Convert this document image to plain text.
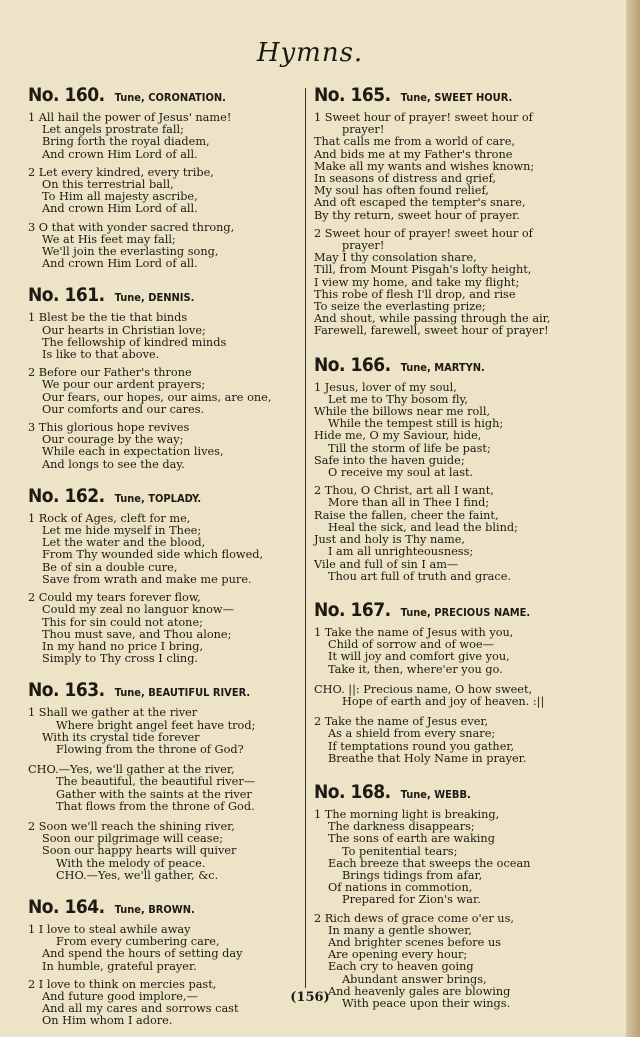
Hymns.
No. 160. Tune, CORONATION.
1 All hail the power of Jesus' name!
Let angels prostrate fall;
Bring forth the royal diadem,
And crown Him Lord of all.
2 Let every kindred, every tribe,
On this terrestrial ball,
To Him all majesty ascribe,
And crown Him Lord of all.
3 O that with yonder sacred throng,
We at His feet may fall;
We'll join the everlasting song,
And crown Him Lord of all.
No. 161. Tune, DENNIS.
1 Blest be the tie that binds
Our hearts in Christian love;
The fellowship of kindred minds
Is like to that above.
2 Before our Father's throne
We pour our ardent prayers;
Our fears, our hopes, our aims, are one,
Our comforts and our cares.
3 This glorious hope revives
Our courage by the way;
While each in expectation lives,
And longs to see the day.
No. 162. Tune, TOPLADY.
1 Rock of Ages, cleft for me,
Let me hide myself in Thee;
Let the water and the blood,
From Thy wounded side which flowed,
Be of sin a double cure,
Save from wrath and make me pure.
2 Could my tears forever flow,
Could my zeal no languor know—
This for sin could not atone;
Thou must save, and Thou alone;
In my hand no price I bring,
Simply to Thy cross I cling.
No. 163. Tune, BEAUTIFUL RIVER.
1 Shall we gather at the river
Where bright angel feet have trod;
With its crystal tide forever
Flowing from the throne of God?
CHO.—Yes, we'll gather at the river,
The beautiful, the beautiful river—
Gather with the saints at the river
That flows from the throne of God.
2 Soon we'll reach the shining river,
Soon our pilgrimage will cease;
Soon our happy hearts will quiver
With the melody of peace.
CHO.—Yes, we'll gather, &c.
No. 164. Tune, BROWN.
1 I love to steal awhile away
From every cumbering care,
And spend the hours of setting day
In humble, grateful prayer.
2 I love to think on mercies past,
And future good implore,—
And all my cares and sorrows cast
On Him whom I adore.
No. 165. Tune, SWEET HOUR.
1 Sweet hour of prayer! sweet hour of
prayer!
That calls me from a world of care,
And bids me at my Father's throne
Make all my wants and wishes known;
In seasons of distress and grief,
My soul has often found relief,
And oft escaped the tempter's snare,
By thy return, sweet hour of prayer.
2 Sweet hour of prayer! sweet hour of
prayer!
May I thy consolation share,
Till, from Mount Pisgah's lofty height,
I view my home, and take my flight;
This robe of flesh I'll drop, and rise
To seize the everlasting prize;
And shout, while passing through the air,
Farewell, farewell, sweet hour of prayer!
No. 166. Tune, MARTYN.
1 Jesus, lover of my soul,
Let me to Thy bosom fly,
While the billows near me roll,
While the tempest still is high;
Hide me, O my Saviour, hide,
Till the storm of life be past;
Safe into the haven guide;
O receive my soul at last.
2 Thou, O Christ, art all I want,
More than all in Thee I find;
Raise the fallen, cheer the faint,
Heal the sick, and lead the blind;
Just and holy is Thy name,
I am all unrighteousness;
Vile and full of sin I am—
Thou art full of truth and grace.
No. 167. Tune, PRECIOUS NAME.
1 Take the name of Jesus with you,
Child of sorrow and of woe—
It will joy and comfort give you,
Take it, then, where'er you go.
CHO. ||: Precious name, O how sweet,
Hope of earth and joy of heaven. :||
2 Take the name of Jesus ever,
As a shield from every snare;
If temptations round you gather,
Breathe that Holy Name in prayer.
No. 168. Tune, WEBB.
1 The morning light is breaking,
The darkness disappears;
The sons of earth are waking
To penitential tears;
Each breeze that sweeps the ocean
Brings tidings from afar,
Of nations in commotion,
Prepared for Zion's war.
2 Rich dews of grace come o'er us,
In many a gentle shower,
And brighter scenes before us
Are opening every hour;
Each cry to heaven going
Abundant answer brings,
And heavenly gales are blowing
With peace upon their wings.
(156)
